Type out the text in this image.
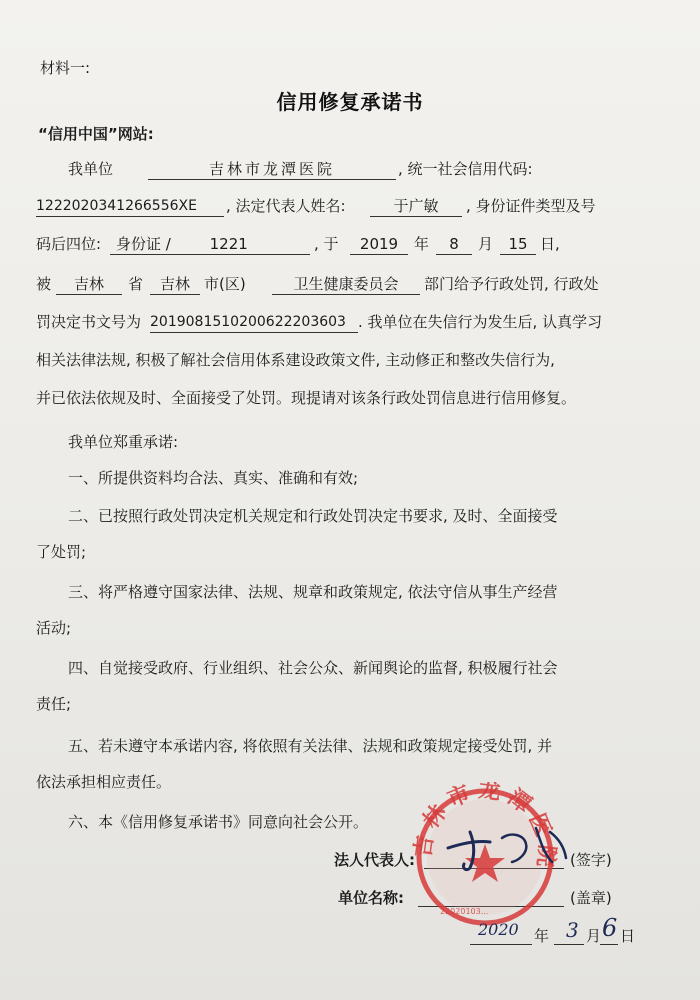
材料一:
信用修复承诺书
“信用中国”网站:
我单位	吉林市龙潭医院	, 统一社会信用代码:
1222020341266556XE	, 法定代表人姓名:	于广敏	, 身份证件类型及号
码后四位: 身份证 /	1221	, 于	2019	年	8	月	15 日,
被	吉林	省	吉林 市(区)	卫生健康委员会	部门给予行政处罚, 行政处
罚决定书文号为 2019081510200622203603 . 我单位在失信行为发生后, 认真学习
相关法律法规, 积极了解社会信用体系建设政策文件, 主动修正和整改失信行为,
并已依法依规及时、全面接受了处罚。现提请对该条行政处罚信息进行信用修复。
我单位郑重承诺:
一、所提供资料均合法、真实、准确和有效;
二、已按照行政处罚决定机关规定和行政处罚决定书要求, 及时、全面接受
了处罚;
三、将严格遵守国家法律、法规、规章和政策规定, 依法守信从事生产经营
活动;
四、自觉接受政府、行业组织、社会公众、新闻舆论的监督, 积极履行社会
责任;
五、若未遵守本承诺内容, 将依照有关法律、法规和政策规定接受处罚, 并
依法承担相应责任。
六、本《信用修复承诺书》同意向社会公开。
法人代表人:	(签字)
单位名称:	(盖章)
吉林市龙潭医院
22020103...
2020 年 3 月 6 日
